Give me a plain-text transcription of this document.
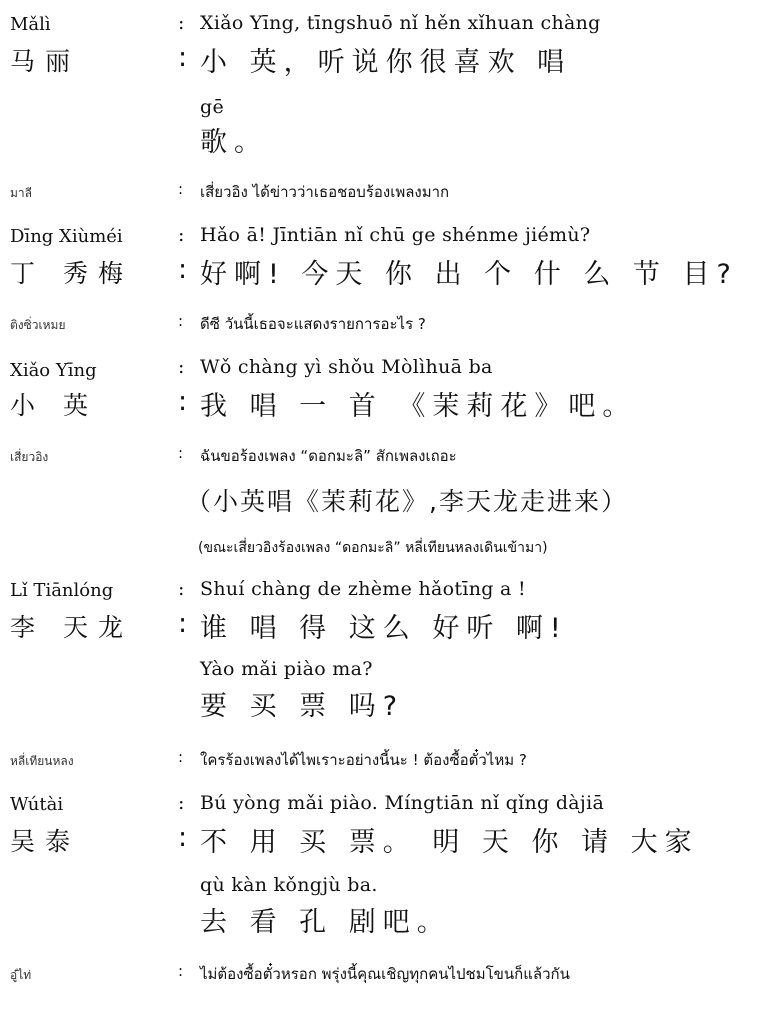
Mǎlì	: Xiǎo Yīng, tīngshuō nǐ hěn xǐhuan chàng
马丽	: 小 英，听说你很喜欢 唱
gē
歌。
มาลี	: เสี่ยวอิง ได้ข่าวว่าเธอชอบร้องเพลงมาก
Dīng Xiùméi	: Hǎo ā! Jīntiān nǐ chū ge shénme jiémù?
丁 秀梅 : 好啊! 今天 你 出 个 什 么 节 目?
ติงซิ่วเหมย	: ดีซี วันนี้เธอจะแสดงรายการอะไร ?
Xiǎo Yīng	: Wǒ chàng yì shǒu Mòlìhuā ba
小 英	: 我 唱 一 首 《茉莉花》吧。
เสี่ยวอิง	: ฉันขอร้องเพลง “ดอกมะลิ” สักเพลงเถอะ
（小英唱《茉莉花》,李天龙走进来）
(ขณะเสี่ยวอิงร้องเพลง “ดอกมะลิ” หลี่เทียนหลงเดินเข้ามา)
Lǐ Tiānlóng	: Shuí chàng de zhème hǎotīng a !
李 天龙 : 谁 唱 得 这么 好听 啊!
Yào mǎi piào ma?
要 买 票 吗?
หลี่เทียนหลง	: ใครร้องเพลงได้ไพเราะอย่างนี้นะ ! ต้องซื้อตั๋วไหม ?
Wútài	: Bú yòng mǎi piào. Míngtiān nǐ qǐng dàjiā
吴泰	: 不 用 买 票。 明 天 你 请 大家
qù kàn kǒngjù ba.
去 看 孔 剧吧。
อู๋ไท่	: ไม่ต้องซื้อตั๋วหรอก พรุ่งนี้คุณเชิญทุกคนไปชมโขนก็แล้วกัน
